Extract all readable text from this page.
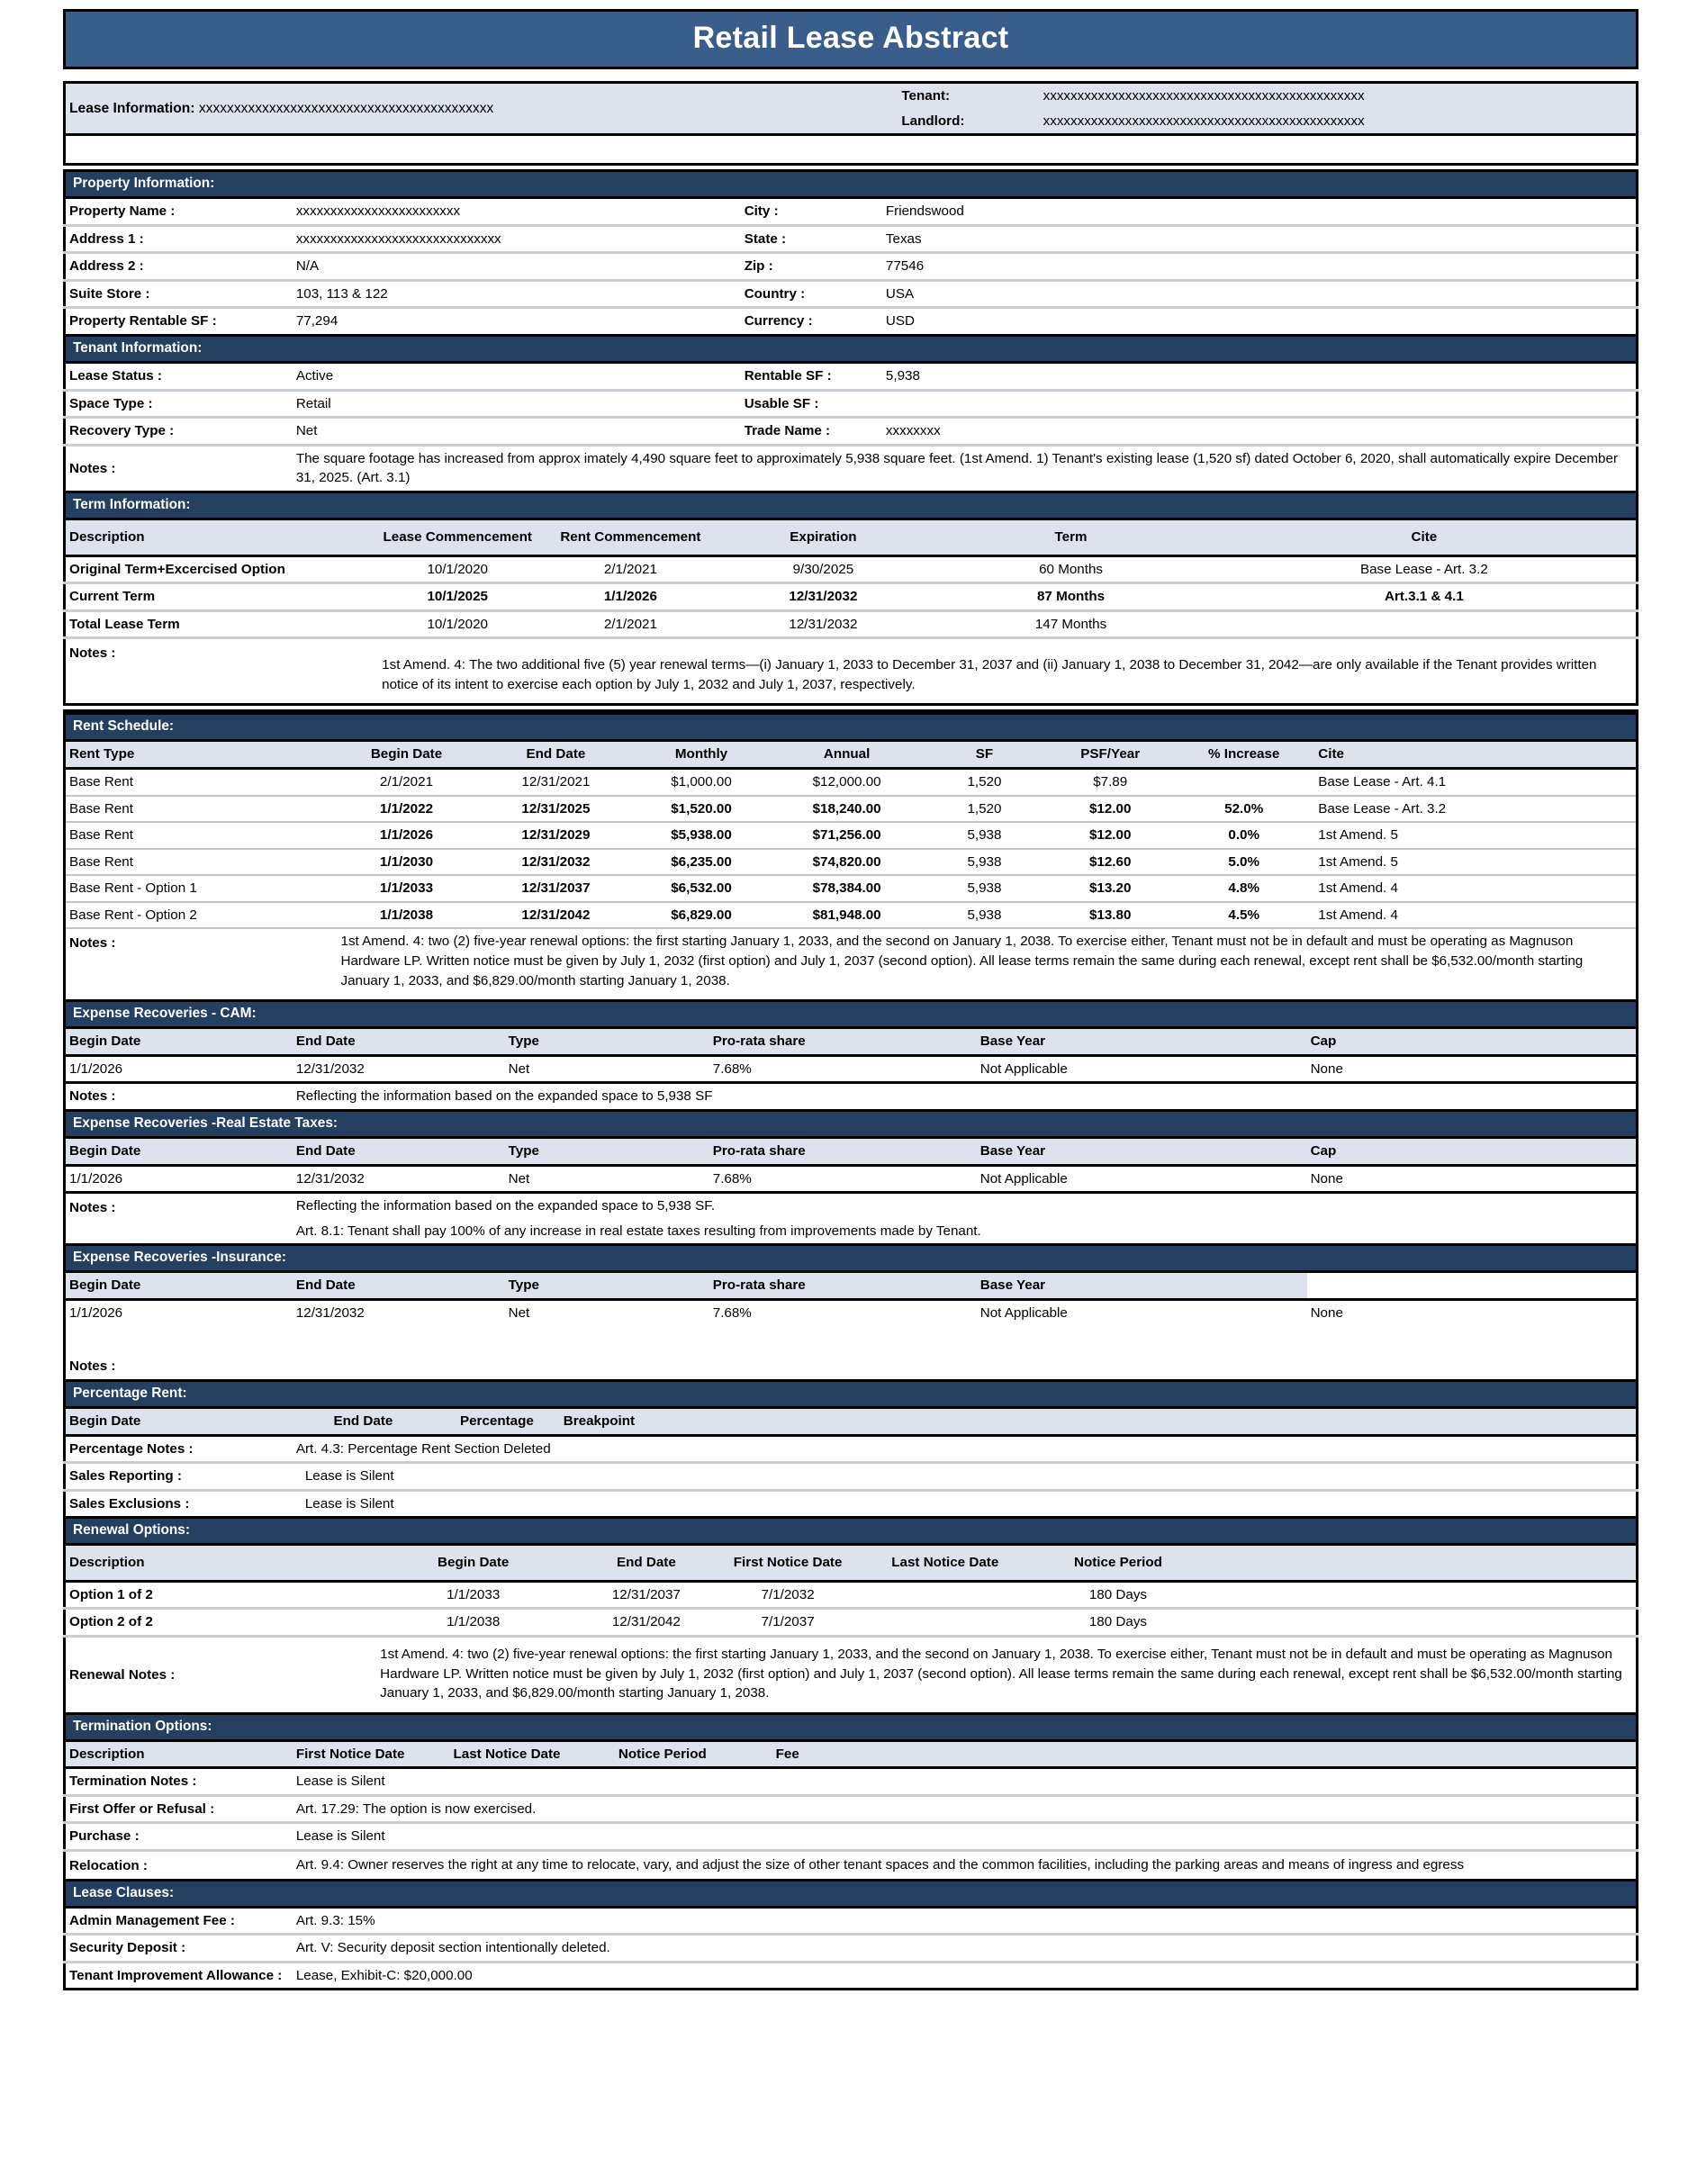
Retail Lease Abstract
Lease Information: xxxxxxxxxxxxxxxxxxxxxxxxxxxxxxxxxxxxxxxxxx	Tenant:	xxxxxxxxxxxxxxxxxxxxxxxxxxxxxxxxxxxxxxxxxxxxxxx
	Landlord:	xxxxxxxxxxxxxxxxxxxxxxxxxxxxxxxxxxxxxxxxxxxxxxx
Property Information:
Property Name :	xxxxxxxxxxxxxxxxxxxxxxxx	City :	Friendswood
Address 1 :	xxxxxxxxxxxxxxxxxxxxxxxxxxxxxx	State :	Texas
Address 2 :	N/A	Zip :	77546
Suite Store :	103, 113 & 122	Country :	USA
Property Rentable SF :	77,294	Currency :	USD
Tenant Information:
Lease Status :	Active	Rentable SF :	5,938
Space Type :	Retail	Usable SF :	
Recovery Type :	Net	Trade Name :	xxxxxxxx
Notes :	The square footage has increased from approx imately 4,490 square feet to approximately 5,938 square feet. (1st Amend. 1) Tenant's existing lease (1,520 sf) dated October 6, 2020, shall automatically expire December 31, 2025. (Art. 3.1)		
Term Information:
Description	Lease Commencement	Rent Commencement	Expiration	Term	Cite
Original Term+Excercised Option	10/1/2020	2/1/2021	9/30/2025	60 Months	Base Lease - Art. 3.2
Current Term	10/1/2025	1/1/2026	12/31/2032	87 Months	Art.3.1 & 4.1
Total Lease Term	10/1/2020	2/1/2021	12/31/2032	147 Months	
Notes :	1st Amend. 4: The two additional five (5) year renewal terms—(i) January 1, 2033 to December 31, 2037 and (ii) January 1, 2038 to December 31, 2042—are only available if the Tenant provides written notice of its intent to exercise each option by July 1, 2032 and July 1, 2037, respectively.				
Rent Schedule:
Rent Type	Begin Date	End Date	Monthly	Annual	SF	PSF/Year	% Increase	Cite
Base Rent	2/1/2021	12/31/2021	$1,000.00	$12,000.00	1,520	$7.89		Base Lease - Art. 4.1
Base Rent	1/1/2022	12/31/2025	$1,520.00	$18,240.00	1,520	$12.00	52.0%	Base Lease - Art. 3.2
Base Rent	1/1/2026	12/31/2029	$5,938.00	$71,256.00	5,938	$12.00	0.0%	1st Amend. 5
Base Rent	1/1/2030	12/31/2032	$6,235.00	$74,820.00	5,938	$12.60	5.0%	1st Amend. 5
Base Rent - Option 1	1/1/2033	12/31/2037	$6,532.00	$78,384.00	5,938	$13.20	4.8%	1st Amend. 4
Base Rent - Option 2	1/1/2038	12/31/2042	$6,829.00	$81,948.00	5,938	$13.80	4.5%	1st Amend. 4
Notes :	1st Amend. 4: two (2) five-year renewal options: the first starting January 1, 2033, and the second on January 1, 2038. To exercise either, Tenant must not be in default and must be operating as Magnuson Hardware LP. Written notice must be given by July 1, 2032 (first option) and July 1, 2037 (second option). All lease terms remain the same during each renewal, except rent shall be $6,532.00/month starting January 1, 2033, and $6,829.00/month starting January 1, 2038.							
Expense Recoveries - CAM:
Begin Date	End Date	Type	Pro-rata share	Base Year	Cap
1/1/2026	12/31/2032	Net	7.68%	Not Applicable	None
Notes :	Reflecting the information based on the expanded space to 5,938 SF				
Expense Recoveries -Real Estate Taxes:
Begin Date	End Date	Type	Pro-rata share	Base Year	Cap
1/1/2026	12/31/2032	Net	7.68%	Not Applicable	None
Notes :	Reflecting the information based on the expanded space to 5,938 SF.

Art. 8.1: Tenant shall pay 100% of any increase in real estate taxes resulting from improvements made by Tenant.				

Expense Recoveries -Insurance:
Begin Date	End Date	Type	Pro-rata share	Base Year	
1/1/2026	12/31/2032	Net	7.68%	Not Applicable	None

Notes :					
Percentage Rent:
Begin Date	End Date	Percentage	Breakpoint	
Percentage Notes :	Art. 4.3: Percentage Rent Section Deleted			
Sales Reporting :	Lease is Silent			
Sales Exclusions :	Lease is Silent			
Renewal Options:
Description	Begin Date	End Date	First Notice Date	Last Notice Date	Notice Period	
Option 1 of 2	1/1/2033	12/31/2037	7/1/2032		180 Days	
Option 2 of 2	1/1/2038	12/31/2042	7/1/2037		180 Days	
Renewal Notes :	1st Amend. 4: two (2) five-year renewal options: the first starting January 1, 2033, and the second on January 1, 2038. To exercise either, Tenant must not be in default and must be operating as Magnuson Hardware LP. Written notice must be given by July 1, 2032 (first option) and July 1, 2037 (second option). All lease terms remain the same during each renewal, except rent shall be $6,532.00/month starting January 1, 2033, and $6,829.00/month starting January 1, 2038.					
Termination Options:
Description	First Notice Date	Last Notice Date	Notice Period	Fee	
Termination Notes :	Lease is Silent				
First Offer or Refusal :	Art. 17.29: The option is now exercised.				
Purchase :	Lease is Silent				
Relocation :	Art. 9.4: Owner reserves the right at any time to relocate, vary, and adjust the size of other tenant spaces and the common facilities, including the parking areas and means of ingress and egress				
Lease Clauses:
Admin Management Fee :	Art. 9.3: 15%
Security Deposit :	Art. V: Security deposit section intentionally deleted.
Tenant Improvement Allowance :	Lease, Exhibit-C: $20,000.00
